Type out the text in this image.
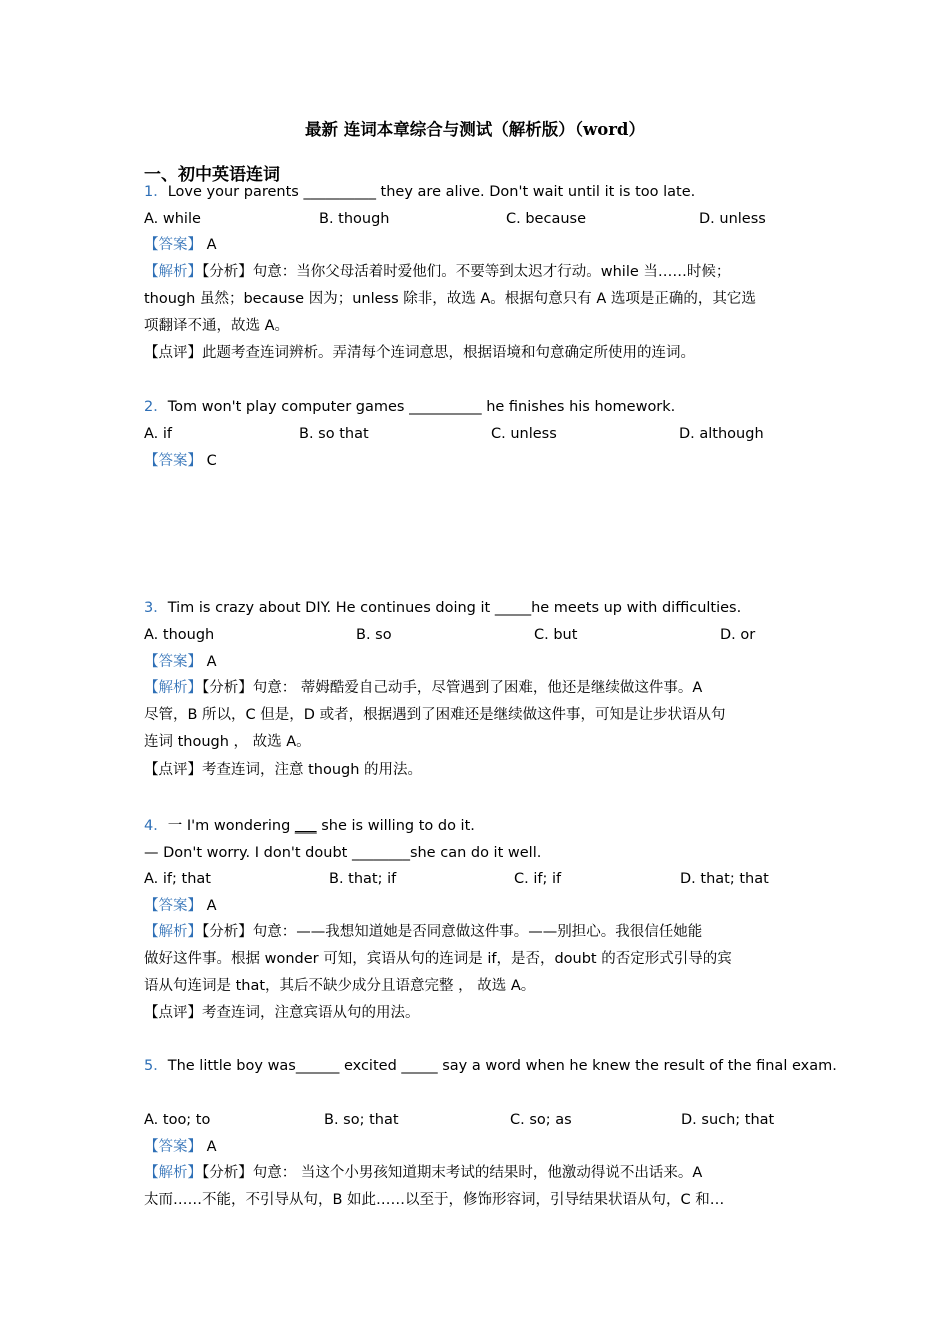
最新 连词本章综合与测试（解析版）（word）
一、初中英语连词
1．Love your parents __________ they are alive. Don't wait until it is too late.
A. while	B. though	C. because	D. unless
【答案】 A
【解析】【分析】句意：当你父母活着时爱他们。不要等到太迟才行动。while 当……时候；
though 虽然；because 因为；unless 除非，故选 A。根据句意只有 A 选项是正确的，其它选
项翻译不通，故选 A。
【点评】此题考查连词辨析。弄清每个连词意思，根据语境和句意确定所使用的连词。
2．Tom won't play computer games __________ he finishes his homework.
A. if	B. so that	C. unless	D. although
【答案】 C
3．Tim is crazy about DIY. He continues doing it _____he meets up with difficulties.
A. though	B. so	C. but	D. or
【答案】 A
【解析】【分析】句意： 蒂姆酷爱自己动手，尽管遇到了困难，他还是继续做这件事。A
尽管，B 所以，C 但是，D 或者，根据遇到了困难还是继续做这件事，可知是让步状语从句
连词 though ， 故选 A。
【点评】考查连词，注意 though 的用法。
4．一 I'm wondering ___ she is willing to do it.
— Don't worry. I don't doubt ________she can do it well.
A. if; that	B. that; if	C. if; if	D. that; that
【答案】 A
【解析】【分析】句意：——我想知道她是否同意做这件事。——别担心。我很信任她能
做好这件事。根据 wonder 可知，宾语从句的连词是 if，是否，doubt 的否定形式引导的宾
语从句连词是 that，其后不缺少成分且语意完整 ， 故选 A。
【点评】考查连词，注意宾语从句的用法。
5．The little boy was______ excited _____ say a word when he knew the result of the final exam.
A. too; to	B. so; that	C. so; as	D. such; that
【答案】 A
【解析】【分析】句意： 当这个小男孩知道期末考试的结果时，他激动得说不出话来。A
太而……不能，不引导从句，B 如此……以至于，修饰形容词，引导结果状语从句，C 和…
